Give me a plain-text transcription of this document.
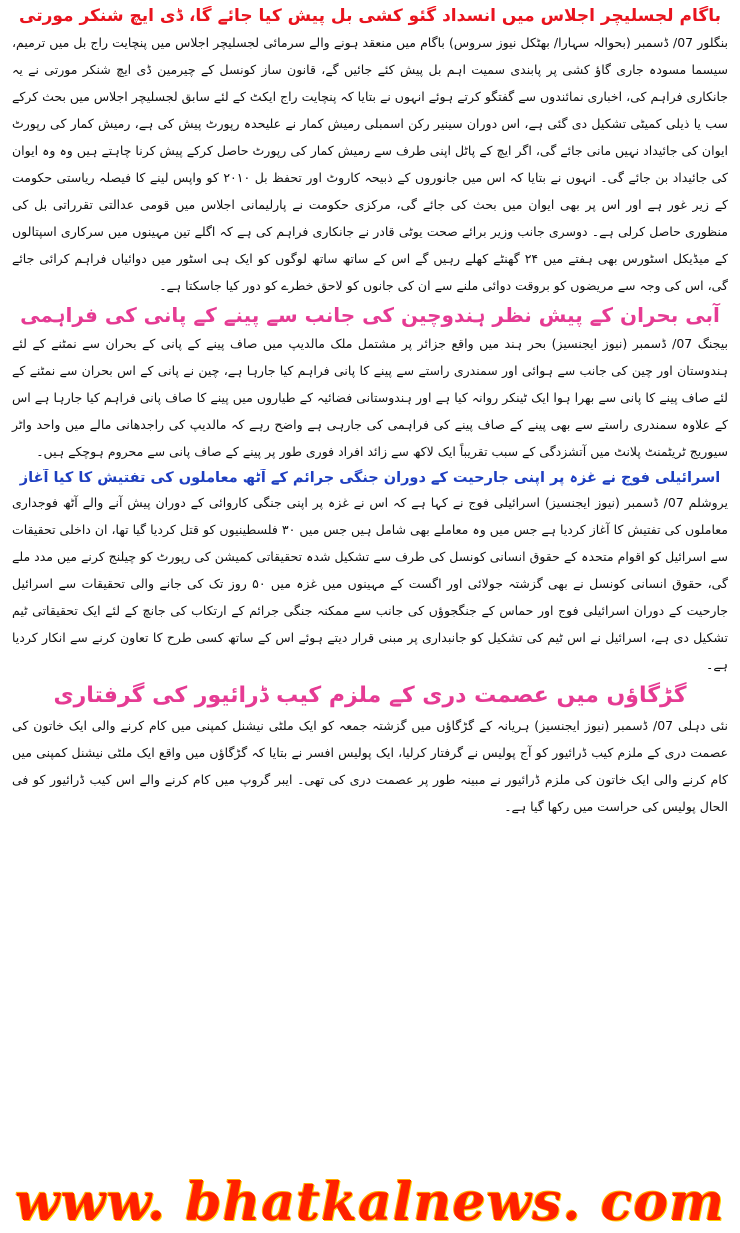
باگام لجسلیچر اجلاس میں انسداد گئو کشی بل پیش کیا جائے گا، ڈی ایچ شنکر مورتی

بنگلور 07/ ڈسمبر (بحوالہ سہارا/ بھٹکل نیوز سروس) باگام میں منعقد ہونے والے سرمائی لجسلیچر اجلاس میں پنچایت راج بل میں ترمیم، سیسما مسودہ جاری گاؤ کشی پر پابندی سمیت اہم بل پیش کئے جائیں گے، قانون ساز کونسل کے چیرمین ڈی ایچ شنکر مورتی نے یہ جانکاری فراہم کی، اخباری نمائندوں سے گفتگو کرتے ہوئے انہوں نے بتایا کہ پنچایت راج ایکٹ کے لئے سابق لجسلیچر اجلاس میں بحث کرکے سب یا ذیلی کمیٹی تشکیل دی گئی ہے، اس دوران سینیر رکن اسمبلی رمیش کمار نے علیحدہ رپورٹ پیش کی ہے، رمیش کمار کی رپورٹ ایوان کی جائیداد نہیں مانی جائے گی، اگر ایچ کے پاٹل اپنی طرف سے رمیش کمار کی رپورٹ حاصل کرکے پیش کرنا چاہتے ہیں وہ وہ ایوان کی جائیداد بن جائے گی۔ انہوں نے بتایا کہ اس میں جانوروں کے ذبیحہ کاروٹ اور تحفظ بل ۲۰۱۰ کو واپس لینے کا فیصلہ ریاستی حکومت کے زیر غور ہے اور اس پر بھی ایوان میں بحث کی جائے گی، مرکزی حکومت نے پارلیمانی اجلاس میں قومی عدالتی تقرراتی بل کی منظوری حاصل کرلی ہے۔ دوسری جانب وزیر برائے صحت یوٹی قادر نے جانکاری فراہم کی ہے کہ اگلے تین مہینوں میں سرکاری اسپتالوں کے میڈیکل اسٹورس بھی ہفتے میں ۲۴ گھنٹے کھلے رہیں گے اس کے ساتھ ساتھ لوگوں کو ایک ہی اسٹور میں دوائیاں فراہم کرائی جائے گی، اس کی وجہ سے مریضوں کو بروقت دوائی ملنے سے ان کی جانوں کو لاحق خطرے کو دور کیا جاسکتا ہے۔

آبی بحران کے پیش نظر ہندوچین کی جانب سے پینے کے پانی کی فراہمی

بیجنگ 07/ ڈسمبر (نیوز ایجنسیز) بحر ہند میں واقع جزائر پر مشتمل ملک مالدیپ میں صاف پینے کے پانی کے بحران سے نمٹنے کے لئے ہندوستان اور چین کی جانب سے ہوائی اور سمندری راستے سے پینے کا پانی فراہم کیا جارہا ہے، چین نے پانی کے اس بحران سے نمٹنے کے لئے صاف پینے کا پانی سے بھرا ہوا ایک ٹینکر روانہ کیا ہے اور ہندوستانی فضائیہ کے طیاروں میں پینے کا صاف پانی فراہم کیا جارہا ہے اس کے علاوہ سمندری راستے سے بھی پینے کے صاف پینے کی فراہمی کی جارہی ہے واضح رہے کہ مالدیپ کی راجدھانی مالے میں واحد واٹر سیوریج ٹریٹمنٹ پلانٹ میں آتشزدگی کے سبب تقریباً ایک لاکھ سے زائد افراد فوری طور پر پینے کے صاف پانی سے محروم ہوچکے ہیں۔

اسرائیلی فوج نے غزہ پر اپنی جارحیت کے دوران جنگی جرائم کے آٹھ معاملوں کی تفتیش کا کیا آغاز

یروشلم 07/ ڈسمبر (نیوز ایجنسیز) اسرائیلی فوج نے کہا ہے کہ اس نے غزہ پر اپنی جنگی کاروائی کے دوران پیش آنے والے آٹھ فوجداری معاملوں کی تفتیش کا آغاز کردیا ہے جس میں وہ معاملے بھی شامل ہیں جس میں ۳۰ فلسطینیوں کو قتل کردیا گیا تھا، ان داخلی تحقیقات سے اسرائیل کو اقوام متحدہ کے حقوق انسانی کونسل کی طرف سے تشکیل شدہ تحقیقاتی کمیشن کی رپورٹ کو چیلنج کرنے میں مدد ملے گی، حقوق انسانی کونسل نے بھی گزشتہ جولائی اور اگست کے مہینوں میں غزہ میں ۵۰ روز تک کی جانے والی تحقیقات سے اسرائیل جارحیت کے دوران اسرائیلی فوج اور حماس کے جنگجوؤں کی جانب سے ممکنہ جنگی جرائم کے ارتکاب کی جانچ کے لئے ایک تحقیقاتی ٹیم تشکیل دی ہے، اسرائیل نے اس ٹیم کی تشکیل کو جانبداری پر مبنی قرار دیتے ہوئے اس کے ساتھ کسی طرح کا تعاون کرنے سے انکار کردیا ہے۔

گڑگاؤں میں عصمت دری کے ملزم کیب ڈرائیور کی گرفتاری

نئی دہلی 07/ ڈسمبر (نیوز ایجنسیز) ہریانہ کے گڑگاؤں میں گزشتہ جمعہ کو ایک ملٹی نیشنل کمپنی میں کام کرنے والی ایک خاتون کی عصمت دری کے ملزم کیب ڈرائیور کو آج پولیس نے گرفتار کرلیا، ایک پولیس افسر نے بتایا کہ گڑگاؤں میں واقع ایک ملٹی نیشنل کمپنی میں کام کرنے والی ایک خاتون کی ملزم ڈرائیور نے مبینہ طور پر عصمت دری کی تھی۔ ایبر گروپ میں کام کرنے والے اس کیب ڈرائیور کو فی الحال پولیس کی حراست میں رکھا گیا ہے۔

www. bhatkalnews. com
